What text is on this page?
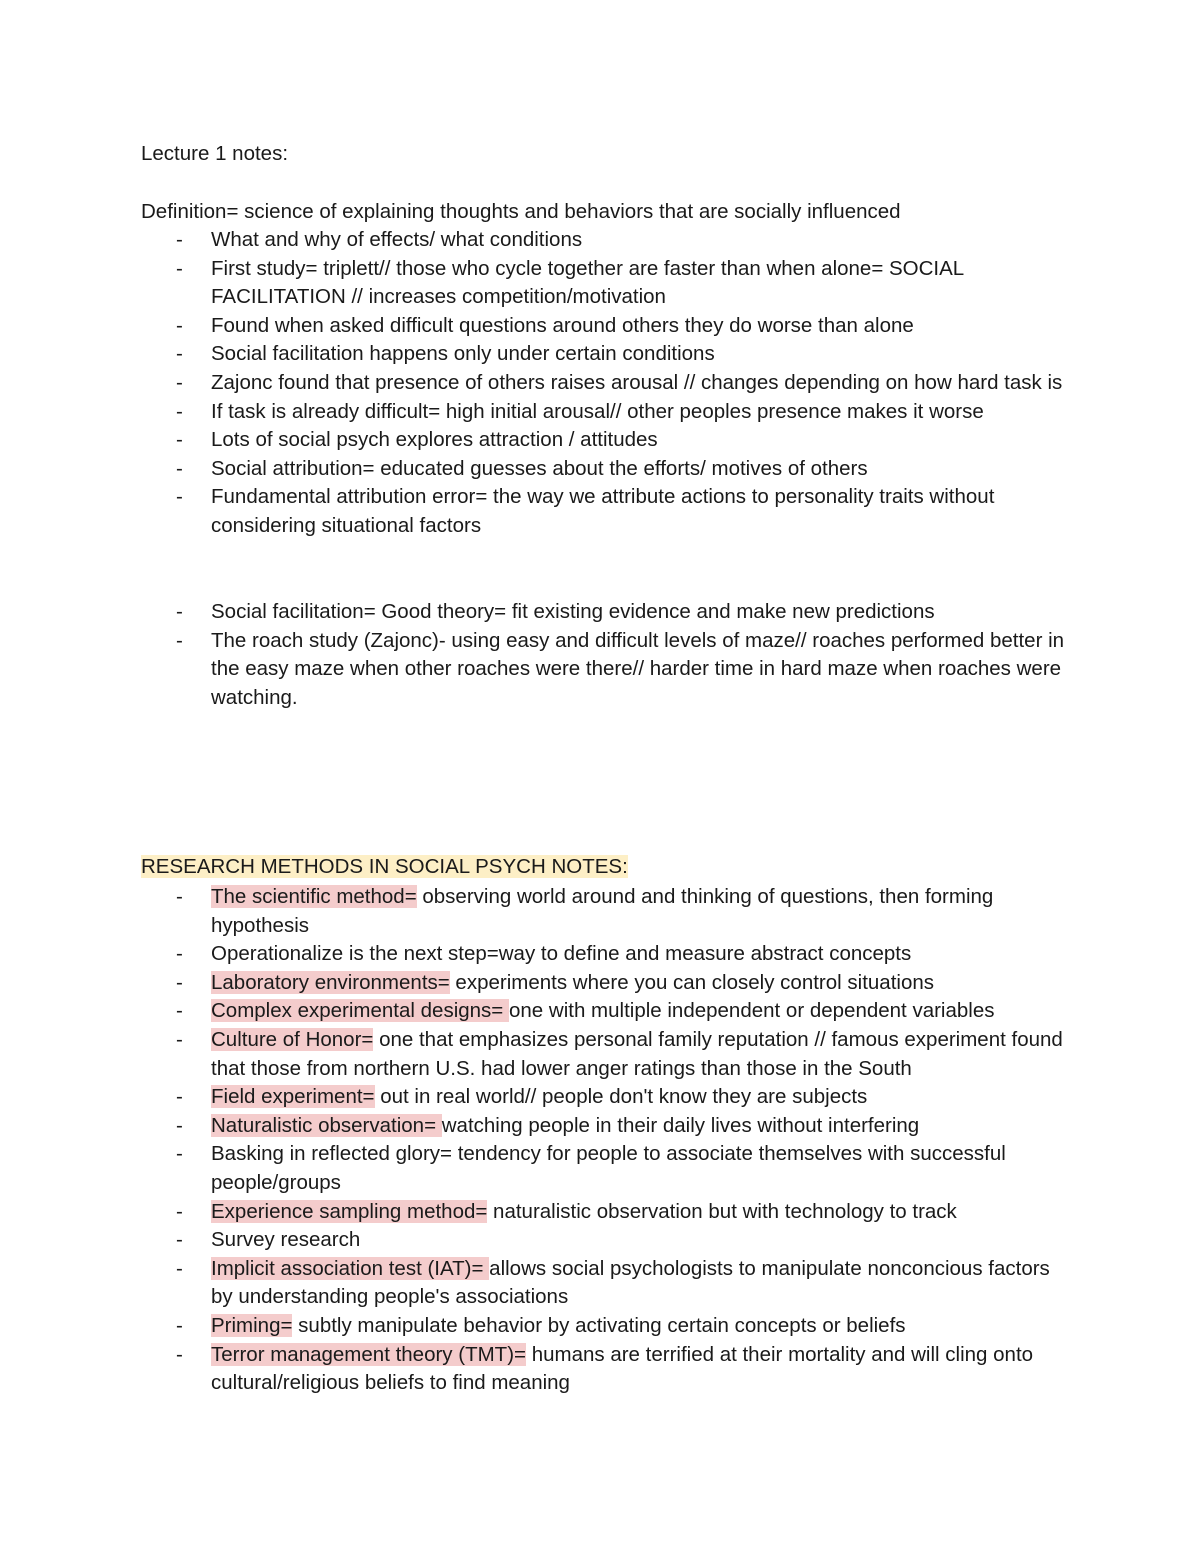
Lecture 1 notes:
Definition= science of explaining thoughts and behaviors that are socially influenced
- What and why of effects/ what conditions
- First study= triplett// those who cycle together are faster than when alone= SOCIAL FACILITATION // increases competition/motivation
- Found when asked difficult questions around others they do worse than alone
- Social facilitation happens only under certain conditions
- Zajonc found that presence of others raises arousal // changes depending on how hard task is
- If task is already difficult= high initial arousal// other peoples presence makes it worse
- Lots of social psych explores attraction / attitudes
- Social attribution= educated guesses about the efforts/ motives of others
- Fundamental attribution error= the way we attribute actions to personality traits without considering situational factors
- Social facilitation= Good theory= fit existing evidence and make new predictions
- The roach study (Zajonc)- using easy and difficult levels of maze// roaches performed better in the easy maze when other roaches were there// harder time in hard maze when roaches were watching.
RESEARCH METHODS IN SOCIAL PSYCH NOTES:
- The scientific method= observing world around and thinking of questions, then forming hypothesis
- Operationalize is the next step=way to define and measure abstract concepts
- Laboratory environments= experiments where you can closely control situations
- Complex experimental designs= one with multiple independent or dependent variables
- Culture of Honor= one that emphasizes personal family reputation // famous experiment found that those from northern U.S. had lower anger ratings than those in the South
- Field experiment= out in real world// people don't know they are subjects
- Naturalistic observation= watching people in their daily lives without interfering
- Basking in reflected glory= tendency for people to associate themselves with successful people/groups
- Experience sampling method= naturalistic observation but with technology to track
- Survey research
- Implicit association test (IAT)= allows social psychologists to manipulate nonconcious factors by understanding people's associations
- Priming= subtly manipulate behavior by activating certain concepts or beliefs
- Terror management theory (TMT)= humans are terrified at their mortality and will cling onto cultural/religious beliefs to find meaning
